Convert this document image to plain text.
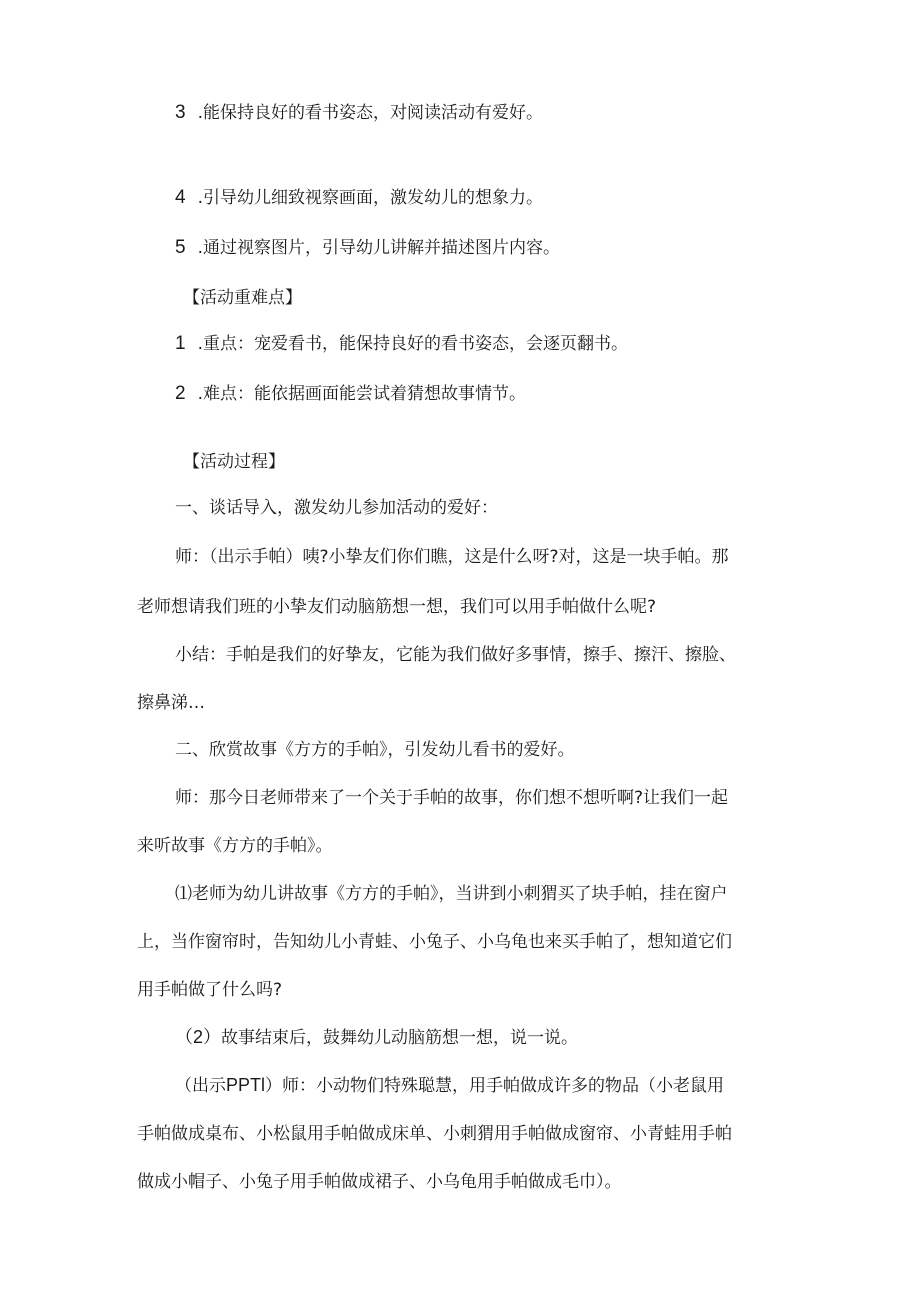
3 .能保持良好的看书姿态，对阅读活动有爱好。

4 .引导幼儿细致视察画面，激发幼儿的想象力。

5 .通过视察图片，引导幼儿讲解并描述图片内容。

【活动重难点】

1 .重点：宠爱看书，能保持良好的看书姿态，会逐页翻书。

2 .难点：能依据画面能尝试着猜想故事情节。

【活动过程】

一、谈话导入，激发幼儿参加活动的爱好：

师：（出示手帕）咦?小挚友们你们瞧，这是什么呀?对，这是一块手帕。那

老师想请我们班的小挚友们动脑筋想一想，我们可以用手帕做什么呢?

小结：手帕是我们的好挚友，它能为我们做好多事情，擦手、擦汗、擦脸、

擦鼻涕…

二、欣赏故事《方方的手帕》，引发幼儿看书的爱好。

师：那今日老师带来了一个关于手帕的故事，你们想不想听啊?让我们一起

来听故事《方方的手帕》。

⑴老师为幼儿讲故事《方方的手帕》，当讲到小刺猬买了块手帕，挂在窗户

上，当作窗帘时，告知幼儿小青蛙、小兔子、小乌龟也来买手帕了，想知道它们

用手帕做了什么吗?

（2）故事结束后，鼓舞幼儿动脑筋想一想，说一说。

（出示PPTl）师：小动物们特殊聪慧，用手帕做成许多的物品（小老鼠用

手帕做成桌布、小松鼠用手帕做成床单、小刺猬用手帕做成窗帘、小青蛙用手帕

做成小帽子、小兔子用手帕做成裙子、小乌龟用手帕做成毛巾）。
